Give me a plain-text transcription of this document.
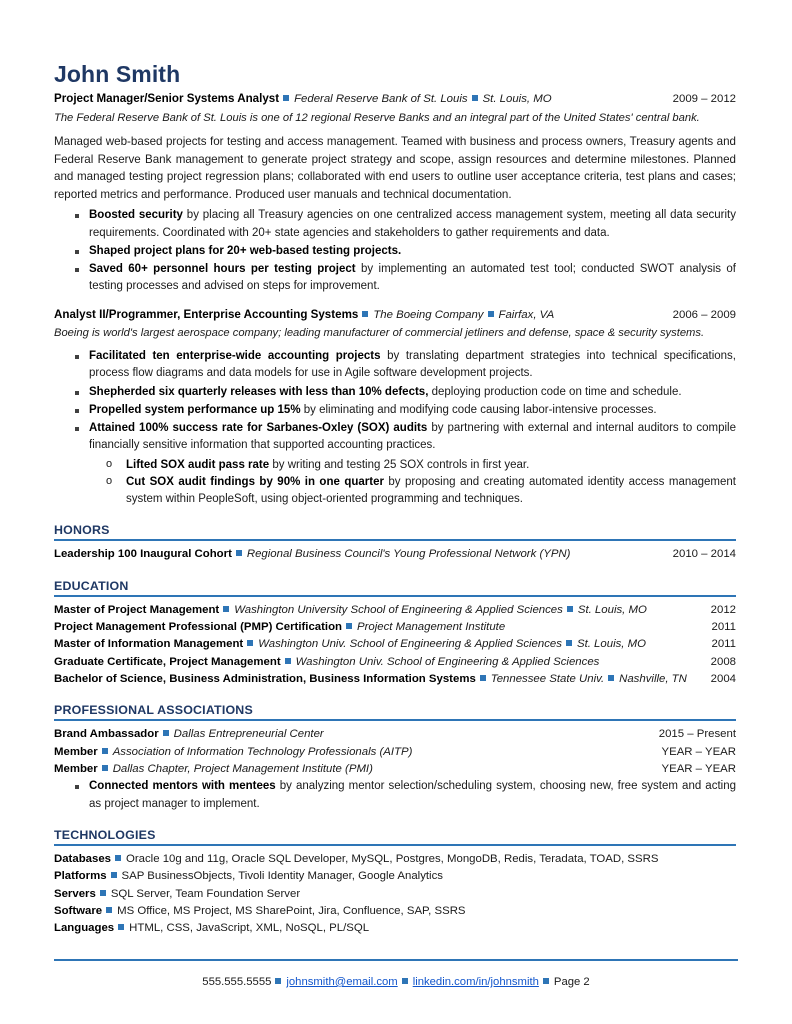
John Smith
Project Manager/Senior Systems Analyst Federal Reserve Bank of St. Louis St. Louis, MO	2009 – 2012
The Federal Reserve Bank of St. Louis is one of 12 regional Reserve Banks and an integral part of the United States' central bank.
Managed web-based projects for testing and access management. Teamed with business and process owners, Treasury agents and Federal Reserve Bank management to generate project strategy and scope, assign resources and determine milestones. Planned and managed testing project regression plans; collaborated with end users to outline user acceptance criteria, test plans and cases; reported metrics and performance. Produced user manuals and technical documentation.
Boosted security by placing all Treasury agencies on one centralized access management system, meeting all data security requirements. Coordinated with 20+ state agencies and stakeholders to gather requirements and data.
Shaped project plans for 20+ web-based testing projects.
Saved 60+ personnel hours per testing project by implementing an automated test tool; conducted SWOT analysis of testing processes and advised on steps for improvement.
Analyst II/Programmer, Enterprise Accounting Systems The Boeing Company Fairfax, VA	2006 – 2009
Boeing is world's largest aerospace company; leading manufacturer of commercial jetliners and defense, space & security systems.
Facilitated ten enterprise-wide accounting projects by translating department strategies into technical specifications, process flow diagrams and data models for use in Agile software development projects.
Shepherded six quarterly releases with less than 10% defects, deploying production code on time and schedule.
Propelled system performance up 15% by eliminating and modifying code causing labor-intensive processes.
Attained 100% success rate for Sarbanes-Oxley (SOX) audits by partnering with external and internal auditors to compile financially sensitive information that supported accounting practices.
o Lifted SOX audit pass rate by writing and testing 25 SOX controls in first year.
o Cut SOX audit findings by 90% in one quarter by proposing and creating automated identity access management system within PeopleSoft, using object-oriented programming and techniques.
HONORS
Leadership 100 Inaugural Cohort Regional Business Council's Young Professional Network (YPN)	2010 – 2014
EDUCATION
Master of Project Management Washington University School of Engineering & Applied Sciences St. Louis, MO	2012
Project Management Professional (PMP) Certification Project Management Institute	2011
Master of Information Management Washington Univ. School of Engineering & Applied Sciences St. Louis, MO	2011
Graduate Certificate, Project Management Washington Univ. School of Engineering & Applied Sciences	2008
Bachelor of Science, Business Administration, Business Information Systems Tennessee State Univ. Nashville, TN 2004
PROFESSIONAL ASSOCIATIONS
Brand Ambassador Dallas Entrepreneurial Center	2015 – Present
Member Association of Information Technology Professionals (AITP)	YEAR – YEAR
Member Dallas Chapter, Project Management Institute (PMI)	YEAR – YEAR
Connected mentors with mentees by analyzing mentor selection/scheduling system, choosing new, free system and acting as project manager to implement.
TECHNOLOGIES
Databases Oracle 10g and 11g, Oracle SQL Developer, MySQL, Postgres, MongoDB, Redis, Teradata, TOAD, SSRS
Platforms SAP BusinessObjects, Tivoli Identity Manager, Google Analytics
Servers SQL Server, Team Foundation Server
Software MS Office, MS Project, MS SharePoint, Jira, Confluence, SAP, SSRS
Languages HTML, CSS, JavaScript, XML, NoSQL, PL/SQL
555.555.5555 johnsmith@email.com linkedin.com/in/johnsmith Page 2
